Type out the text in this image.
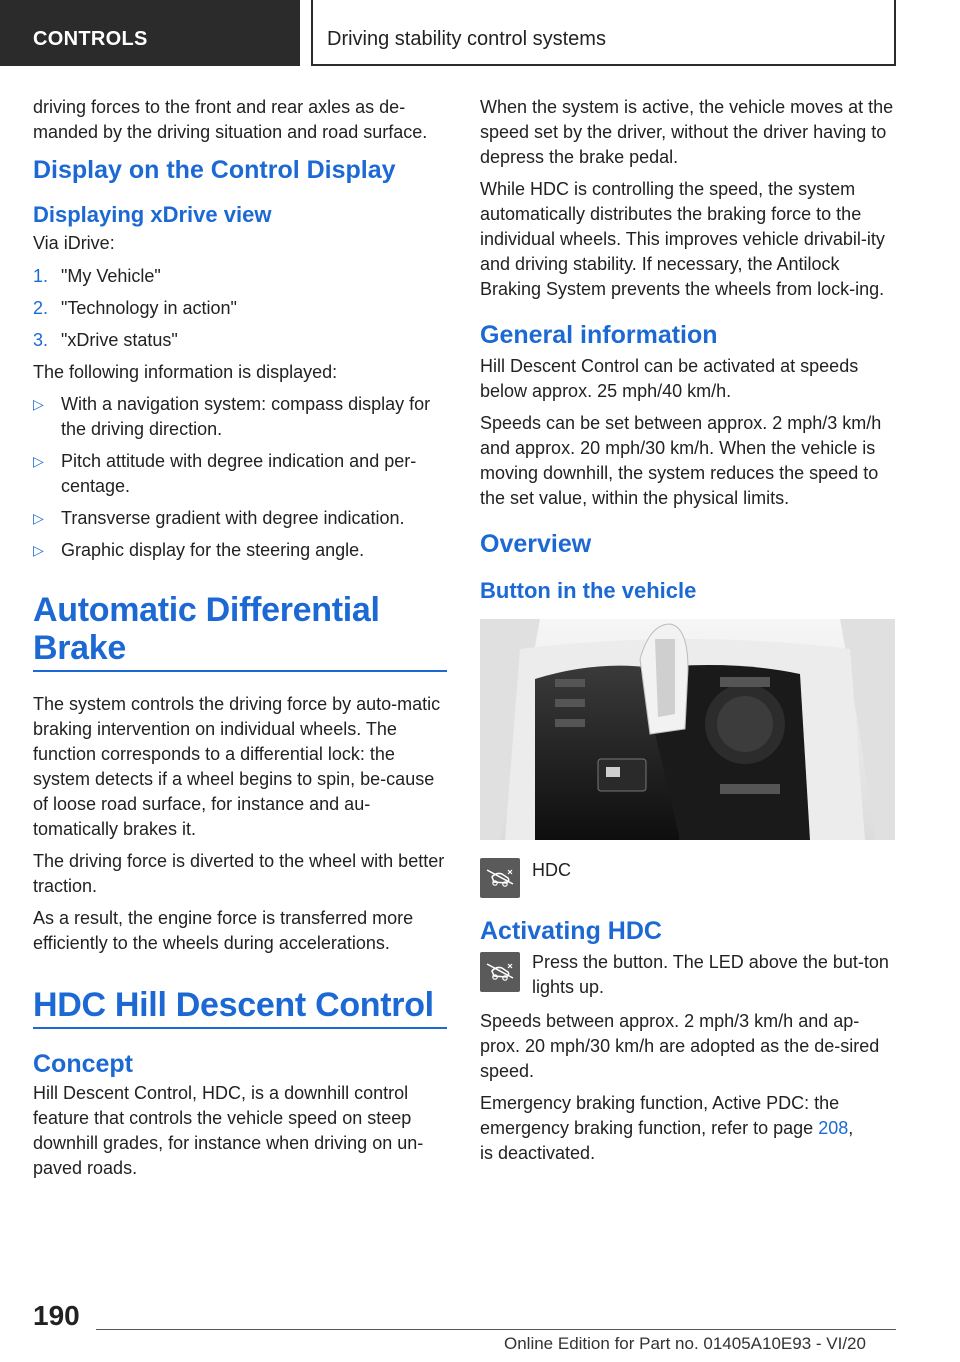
CONTROLS	Driving stability control systems

driving forces to the front and rear axles as de-manded by the driving situation and road surface.

Display on the Control Display
Displaying xDrive view

Via iDrive:

1. "My Vehicle"
2. "Technology in action"
3. "xDrive status"

The following information is displayed:

▷ With a navigation system: compass display for the driving direction.
▷ Pitch attitude with degree indication and per-centage.
▷ Transverse gradient with degree indication.
▷ Graphic display for the steering angle.
Automatic Differential Brake

The system controls the driving force by auto-matic braking intervention on individual wheels. The function corresponds to a differential lock: the system detects if a wheel begins to spin, be-cause of loose road surface, for instance and au-tomatically brakes it.

The driving force is diverted to the wheel with better traction.

As a result, the engine force is transferred more efficiently to the wheels during accelerations.

HDC Hill Descent Control
Concept

Hill Descent Control, HDC, is a downhill control feature that controls the vehicle speed on steep downhill grades, for instance when driving on un-paved roads.

When the system is active, the vehicle moves at the speed set by the driver, without the driver having to depress the brake pedal.

While HDC is controlling the speed, the system automatically distributes the braking force to the individual wheels. This improves vehicle drivabil-ity and driving stability. If necessary, the Antilock Braking System prevents the wheels from lock-ing.

General information

Hill Descent Control can be activated at speeds below approx. 25 mph/40 km/h.

Speeds can be set between approx. 2 mph/3 km/h and approx. 20 mph/30 km/h. When the vehicle is moving downhill, the system reduces the speed to the set value, within the physical limits.

Overview
Button in the vehicle
HDC
Activating HDC

Press the button. The LED above the but-ton lights up.

Speeds between approx. 2 mph/3 km/h and ap-prox. 20 mph/30 km/h are adopted as the de-sired speed.

Emergency braking function, Active PDC: the emergency braking function, refer to page 208,
is deactivated.

190
Online Edition for Part no. 01405A10E93 - VI/20
